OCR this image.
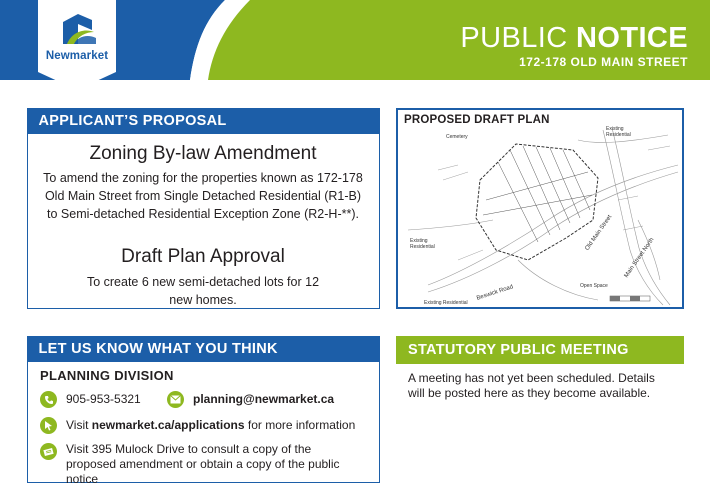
Newmarket
PUBLIC NOTICE
172-178 OLD MAIN STREET
APPLICANT’S PROPOSAL
Zoning By-law Amendment
To amend the zoning for the properties known as 172-178 Old Main Street from Single Detached Residential (R1-B) to Semi-detached Residential Exception Zone (R2-H-**).
Draft Plan Approval
To create 6 new semi-detached lots for 12 new homes.
PROPOSED DRAFT PLAN
Cemetery
Existing Residential
Existing Residential	Old Main Street
Main Street North
Open Space
Beswick Road
Existing Residential
LET US KNOW WHAT YOU THINK
PLANNING DIVISION
905-953-5321	planning@newmarket.ca
Visit newmarket.ca/applications for more information
Visit 395 Mulock Drive to consult a copy of the proposed amendment or obtain a copy of the public notice
STATUTORY PUBLIC MEETING
A meeting has not yet been scheduled. Details will be posted here as they become available.
